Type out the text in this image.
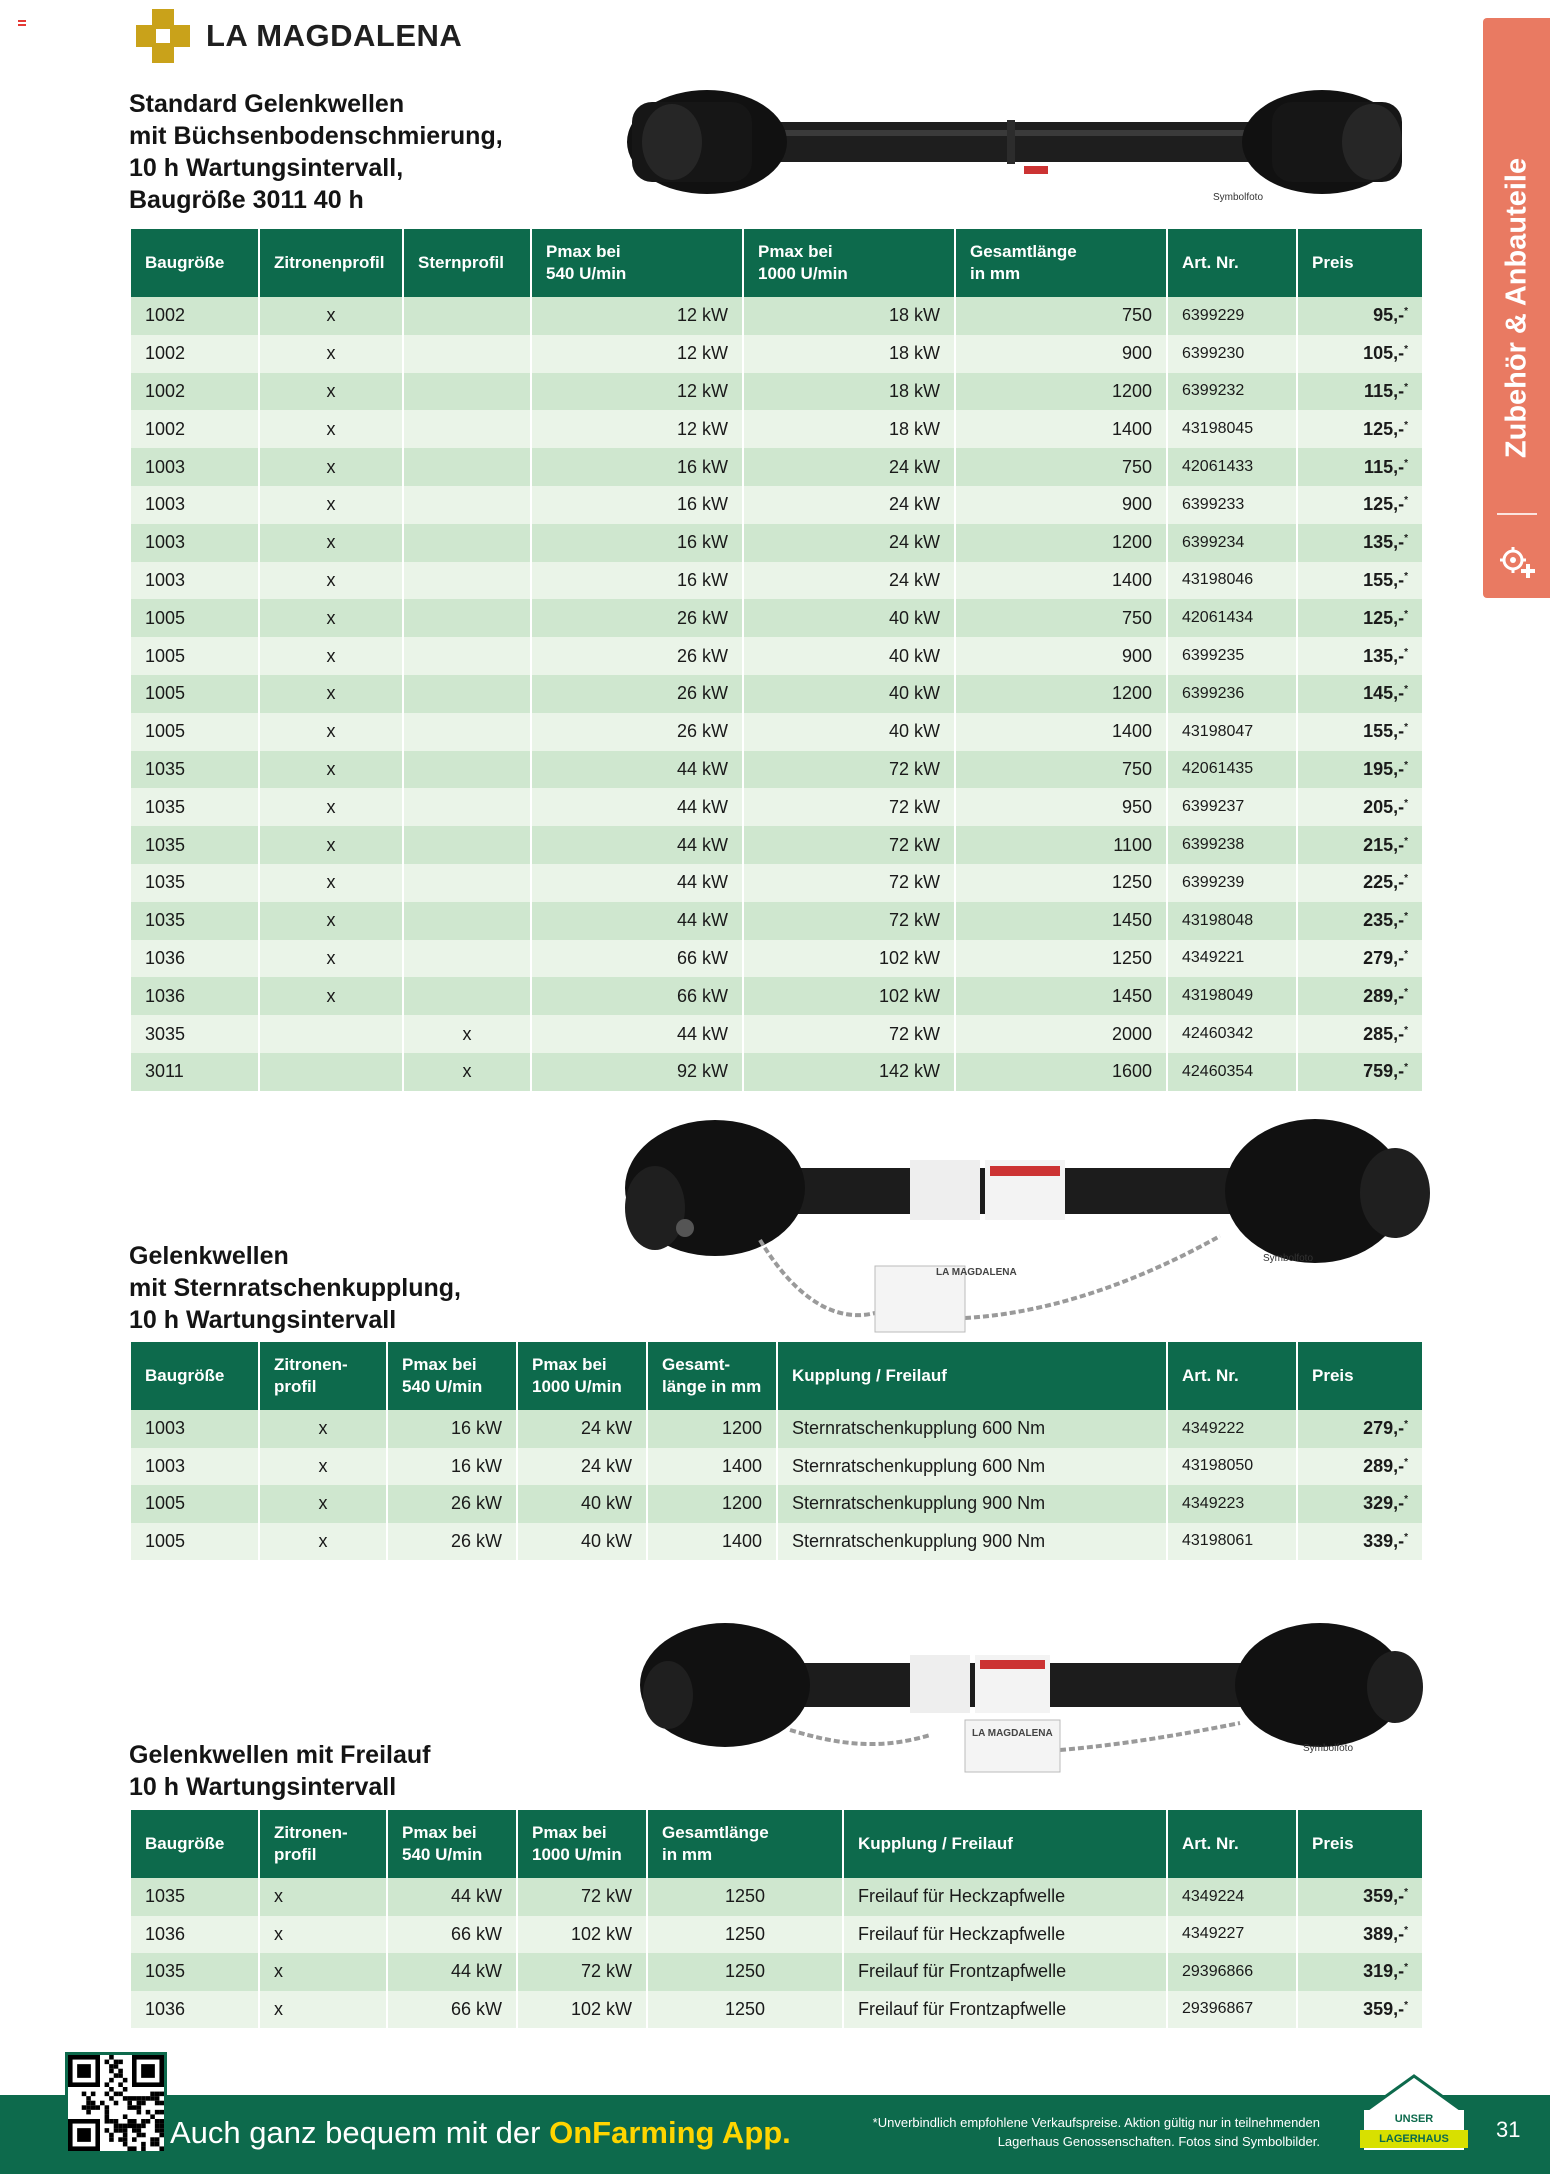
LA MAGDALENA
Zubehör & Anbauteile
Standard Gelenkwellen
mit Büchsenbodenschmierung,
10 h Wartungsintervall,
Baugröße 3011 40 h	Symbolfoto
Baugröße	Zitronenprofil	Sternprofil	Pmax bei
540 U/min	Pmax bei
1000 U/min	Gesamtlänge
in mm	Art. Nr.	Preis
1002	x		12 kW	18 kW	750	6399229	95,-*
1002	x		12 kW	18 kW	900	6399230	105,-*
1002	x		12 kW	18 kW	1200	6399232	115,-*
1002	x		12 kW	18 kW	1400	43198045	125,-*
1003	x		16 kW	24 kW	750	42061433	115,-*
1003	x		16 kW	24 kW	900	6399233	125,-*
1003	x		16 kW	24 kW	1200	6399234	135,-*
1003	x		16 kW	24 kW	1400	43198046	155,-*
1005	x		26 kW	40 kW	750	42061434	125,-*
1005	x		26 kW	40 kW	900	6399235	135,-*
1005	x		26 kW	40 kW	1200	6399236	145,-*
1005	x		26 kW	40 kW	1400	43198047	155,-*
1035	x		44 kW	72 kW	750	42061435	195,-*
1035	x		44 kW	72 kW	950	6399237	205,-*
1035	x		44 kW	72 kW	1100	6399238	215,-*
1035	x		44 kW	72 kW	1250	6399239	225,-*
1035	x		44 kW	72 kW	1450	43198048	235,-*
1036	x		66 kW	102 kW	1250	4349221	279,-*
1036	x		66 kW	102 kW	1450	43198049	289,-*
3035		x	44 kW	72 kW	2000	42460342	285,-*
3011		x	92 kW	142 kW	1600	42460354	759,-*
LA MAGDALENA
Symbolfoto
Gelenkwellen
mit Sternratschenkupplung,
10 h Wartungsintervall
Baugröße	Zitronen-
profil	Pmax bei
540 U/min	Pmax bei
1000 U/min	Gesamt-
länge in mm	Kupplung / Freilauf	Art. Nr.	Preis
1003	x	16 kW	24 kW	1200	Sternratschenkupplung 600 Nm	4349222	279,-*
1003	x	16 kW	24 kW	1400	Sternratschenkupplung 600 Nm	43198050	289,-*
1005	x	26 kW	40 kW	1200	Sternratschenkupplung 900 Nm	4349223	329,-*
1005	x	26 kW	40 kW	1400	Sternratschenkupplung 900 Nm	43198061	339,-*
LA MAGDALENA
Symbolfoto
Gelenkwellen mit Freilauf
10 h Wartungsintervall
Baugröße	Zitronen-
profil	Pmax bei
540 U/min	Pmax bei
1000 U/min	Gesamtlänge
in mm	Kupplung / Freilauf	Art. Nr.	Preis
1035	x	44 kW	72 kW	1250	Freilauf für Heckzapfwelle	4349224	359,-*
1036	x	66 kW	102 kW	1250	Freilauf für Heckzapfwelle	4349227	389,-*
1035	x	44 kW	72 kW	1250	Freilauf für Frontzapfwelle	29396866	319,-*
1036	x	66 kW	102 kW	1250	Freilauf für Frontzapfwelle	29396867	359,-*
Auch ganz bequem mit der OnFarming App.	*Unverbindlich empfohlene Verkaufspreise. Aktion gültig nur in teilnehmenden Lagerhaus Genossenschaften. Fotos sind Symbolbilder.	31
UNSER
LAGERHAUS
